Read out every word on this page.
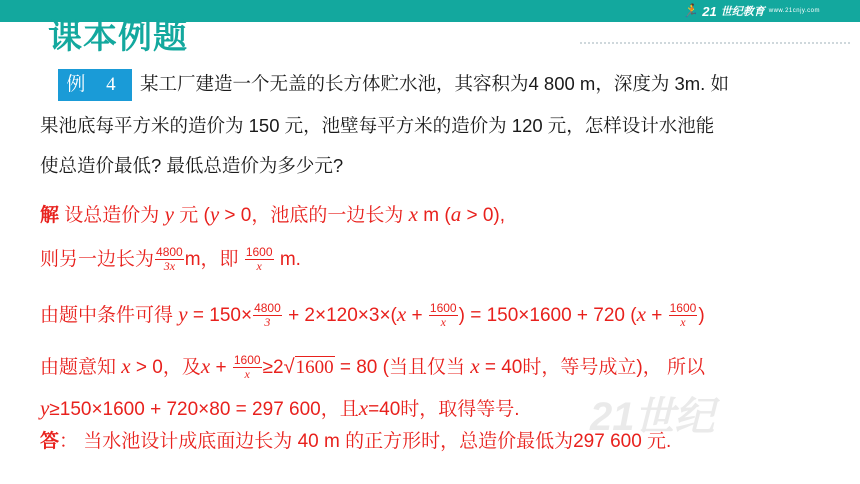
🏃 21 世纪教育 www.21cnjy.com
课本例题
例 4 某工厂建造一个无盖的长方体贮水池，其容积为4 800 m，深度为 3m. 如
果池底每平方米的造价为 150 元，池壁每平方米的造价为 120 元，怎样设计水池能
使总造价最低? 最低总造价为多少元?
解 设总造价为 y 元 (y > 0，池底的一边长为 x m (a > 0),
则另一边长为 $\frac{4800}{3x}$ m，即 $\frac{1600}{x} m$.
由题中条件可得 $y = 150\times \frac{4800}{3} + 2\times 120\times 3\times(x + \frac{1600}{x}$ ) = 150×1600 + 720 ($x + \frac{1600}{x}$ )
由题意知 x > 0，及$x + \frac{1600}{x} \ge 2$ √ 1600 = 80 (当且仅当 x = 40时，等号成立)， 所以
y≥150×1600 + 720×80 = 297 600，且x=40时，取得等号.
答： 当水池设计成底面边长为 40 m 的正方形时，总造价最低为297 600 元.
21世纪
